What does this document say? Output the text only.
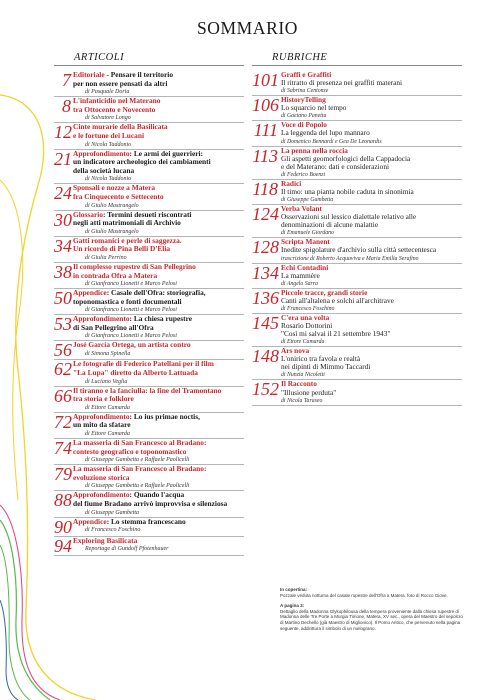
SOMMARIO
ARTICOLI
7 Editoriale - Pensare il territorio
per non essere pensati da altri
di Pasquale Doria
8 L'infanticidio nel Materano
tra Ottocento e Novecento
di Salvatore Longo
12 Cinte murarie della Basilicata
e le fortune dei Lucani
di Nicola Taddonio
21 Approfondimento: Le armi dei guerrieri:
un indicatore archeologico dei cambiamenti
della società lucana
di Nicola Taddonio
24 Sponsali e nozze a Matera
fra Cinquecento e Settecento
di Giulio Mastrangelo
30 Glossario: Termini desueti riscontrati
negli atti matrimoniali di Archivio
di Giulio Mastrangelo
34 Gatti romanici e perle di saggezza.
Un ricordo di Pina Belli D'Elia
di Giulia Perrino
38 Il complesso rupestre di San Pellegrino
in contrada Ofra a Matera
di Gianfranco Lionetti e Marco Pelosi
50 Appendice: Casale dell'Ofra: storiografia,
toponomastica e fonti documentali
di Gianfranco Lionetti e Marco Pelosi
53 Approfondimento: La chiesa rupestre
di San Pellegrino all'Ofra
di Gianfranco Lionetti e Marco Pelosi
56 José García Ortega, un artista contro
di Simona Spinella
62 Le fotografie di Federico Patellani per il film
"La Lupa" diretto da Alberto Lattuada
di Luciano Veglia
66 Il tiranno e la fanciulla: la fine del Tramontano
tra storia e folklore
di Ettore Camarda
72 Approfondimento: Lo ius primae noctis,
un mito da sfatare
di Ettore Camarda
74 La masseria di San Francesco al Bradano:
contesto geografico e toponomastico
di Giuseppe Gambetta e Raffaele Paolicelli
79 La masseria di San Francesco al Bradano:
evoluzione storica
di Giuseppe Gambetta e Raffaele Paolicelli
88 Approfondimento: Quando l'acqua
del fiume Bradano arrivò improvvisa e silenziosa
di Giuseppe Gambetta
90 Appendice: Lo stemma francescano
di Francesco Foschino
94 Exploring Basilicata
Reportage di Gundolf Pfotenhauer
RUBRICHE
101 Graffi e Graffiti
Il ritratto di presenza nei graffiti materani
di Sabrina Centonze
106 HistoryTelling
Lo squarcio nel tempo
di Gaetano Panetta
111 Voce di Popolo
La leggenda del lupo mannaro
di Domenico Bennardi e Gea De Leonardis
113 La penna nella roccia
Gli aspetti geomorfologici della Cappadocia
e del Materano: dati e considerazioni
di Federico Boenzi
118 Radici
Il timo: una pianta nobile caduta in sinonimia
di Giuseppe Gambetta
124 Verba Volant
Osservazioni sul lessico dialettale relativo alle
denominazioni di alcune malattie
di Emanuele Giordano
128 Scripta Manent
Inedite spigolature d'archivio sulla città settecentesca
trascrizione di Roberto Acquaviva e Maria Emilia Serafino
134 Echi Contadini
La mammère
di Angelo Sarra
136 Piccole tracce, grandi storie
Canti all'altalena e solchi all'architrave
di Francesco Foschino
145 C'era una volta
Rosario Dottorini
"Così mi salvai il 21 settembre 1943"
di Ettore Camarda
148 Ars nova
L'onirico tra favola e realtà
nei dipinti di Mimmo Taccardi
di Nunzia Nicoletti
152 Il Racconto
"Illusione perduta"
di Nicola Taraseo

In copertina:
Pozzale veduta notturna del casale rupestre dell'Ofra a Matera. foto di Rocco Giove.

A pagina 3:
Dettaglio della Madonna Glykophilousa della tempera proveniente dalla chiesa rupestre di Madonna delle Tre Porte a Murgia Timone, Matera, XV sec., opera del Maestro del sepolcro di Martino Dechello (già Maestro di Miglionico). Il Pomo Antico, che pervenuto nella pagina seguente, addirittura il simbolo di un melograno.
